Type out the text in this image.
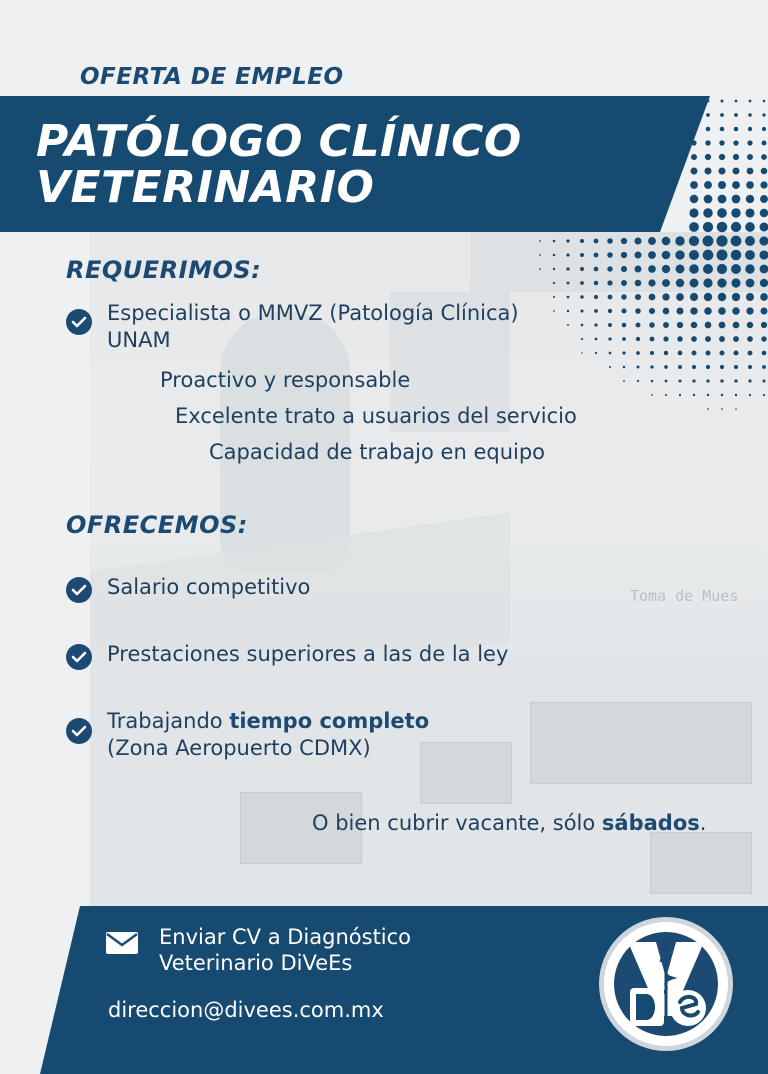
Toma de Mues
OFERTA DE EMPLEO
PATÓLOGO CLÍNICO
VETERINARIO
REQUERIMOS:
Especialista o MMVZ (Patología Clínica)
UNAM
Proactivo y responsable
Excelente trato a usuarios del servicio
Capacidad de trabajo en equipo
OFRECEMOS:
Salario competitivo
Prestaciones superiores a las de la ley
Trabajando tiempo completo
(Zona Aeropuerto CDMX)
O bien cubrir vacante, sólo sábados.
Enviar CV a Diagnóstico
Veterinario DiVeEs
direccion@divees.com.mx
